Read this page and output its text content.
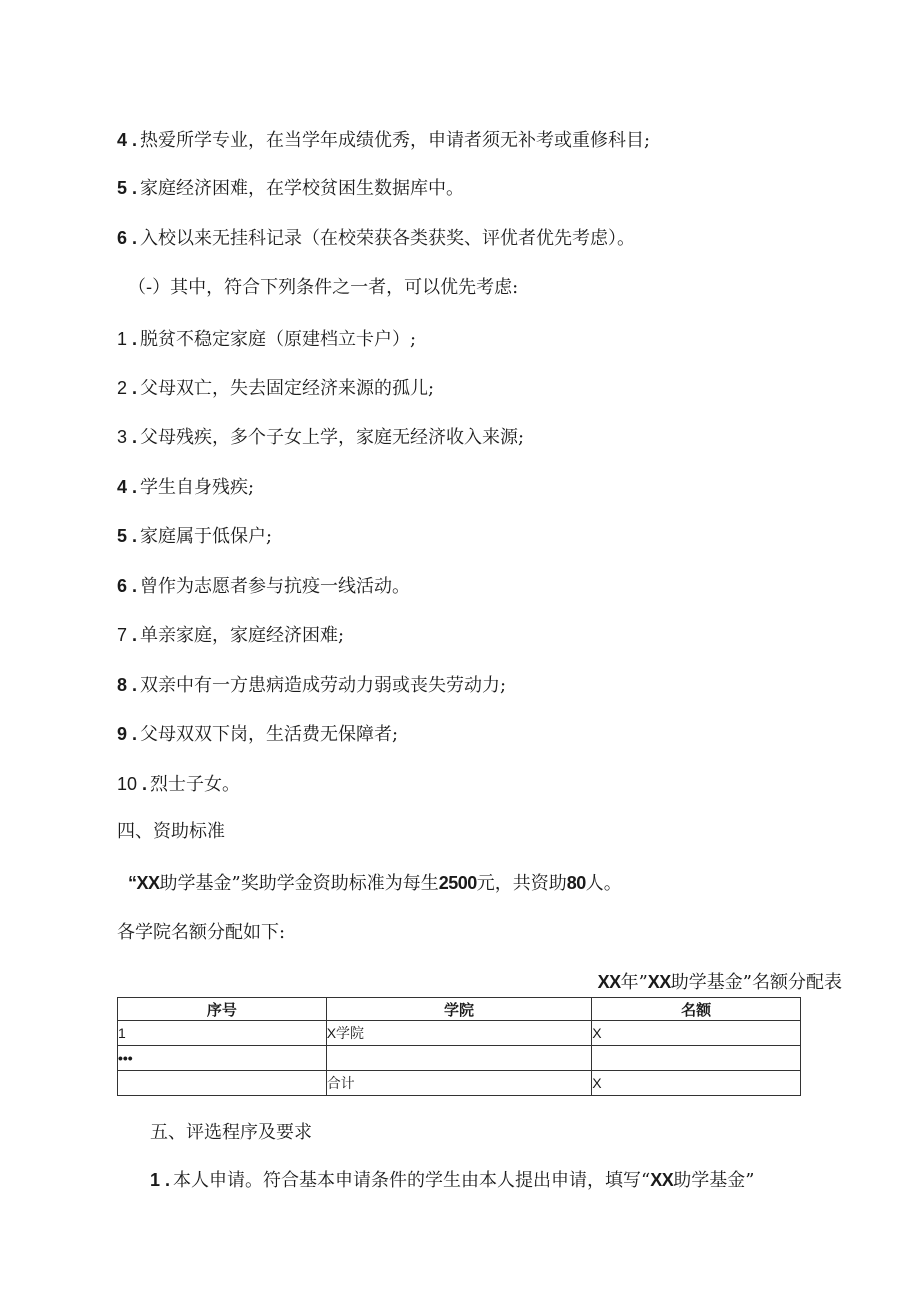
4 . 热爱所学专业，在当学年成绩优秀，申请者须无补考或重修科目;
5 . 家庭经济困难，在学校贫困生数据库中。
6 . 入校以来无挂科记录（在校荣获各类获奖、评优者优先考虑）。
（-）其中，符合下列条件之一者，可以优先考虑:
1 . 脱贫不稳定家庭（原建档立卡户）;
2 . 父母双亡，失去固定经济来源的孤儿;
3 . 父母残疾，多个子女上学，家庭无经济收入来源;
4 . 学生自身残疾;
5 . 家庭属于低保户;
6 . 曾作为志愿者参与抗疫一线活动。
7 . 单亲家庭，家庭经济困难;
8 . 双亲中有一方患病造成劳动力弱或丧失劳动力;
9 . 父母双双下岗，生活费无保障者;
10 . 烈士子女。
四、资助标准
“XX助学基金”奖助学金资助标准为每生2500元，共资助80人。
各学院名额分配如下:
XX年”XX助学基金”名额分配表
序号	学院	名额
1	X学院	X
•••		
	合计	X
五、评选程序及要求
1 . 本人申请。符合基本申请条件的学生由本人提出申请，填写“XX助学基金”
